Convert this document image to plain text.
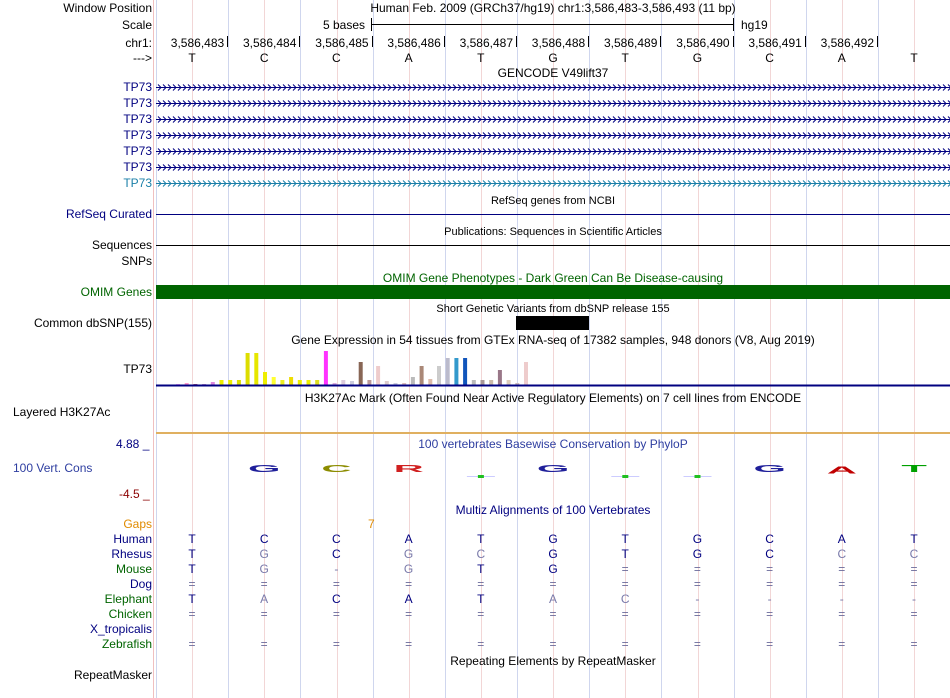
Window Position	Human Feb. 2009 (GRCh37/hg19) chr1:3,586,483-3,586,493 (11 bp)
Scale	5 bases	hg19
chr1:	3,586,483	3,586,484	3,586,485	3,586,486	3,586,487	3,586,488	3,586,489	3,586,490	3,586,491	3,586,492
--->	T	C	C	A	T	G	T	G	C	A	T
GENCODE V49lift37
TP73
TP73
TP73
TP73
TP73
TP73
TP73
RefSeq genes from NCBI
RefSeq Curated
Publications: Sequences in Scientific Articles
Sequences
SNPs
OMIM Gene Phenotypes - Dark Green Can Be Disease-causing
OMIM Genes
Short Genetic Variants from dbSNP release 155
Common dbSNP(155)
Gene Expression in 54 tissues from GTEx RNA-seq of 17382 samples, 948 donors (V8, Aug 2019)
TP73
H3K27Ac Mark (Often Found Near Active Regulatory Elements) on 7 cell lines from ENCODE
Layered H3K27Ac
4.88 _	100 vertebrates Basewise Conservation by PhyloP
100 Vert. Cons
-4.5 _
G C R	G	G A T
Multiz Alignments of 100 Vertebrates
Gaps	7
Human	T	C	C	A	T	G	T	G	C	A	T
Rhesus	T	G	C	G	C	G	T	G	C	C	C
Mouse	T	G	-	G	T	G	=	=	=	=	=
Dog	=	=	=	=	=	=	=	=	=	=	=
Elephant	T	A	C	A	T	A	C	-	-	-	-
Chicken	=	=	=	=	=	=	=	=	=	=	=
X_tropicalis
Zebrafish	=	=	=	=	=	=	=	=	=	=	=
Repeating Elements by RepeatMasker
RepeatMasker
